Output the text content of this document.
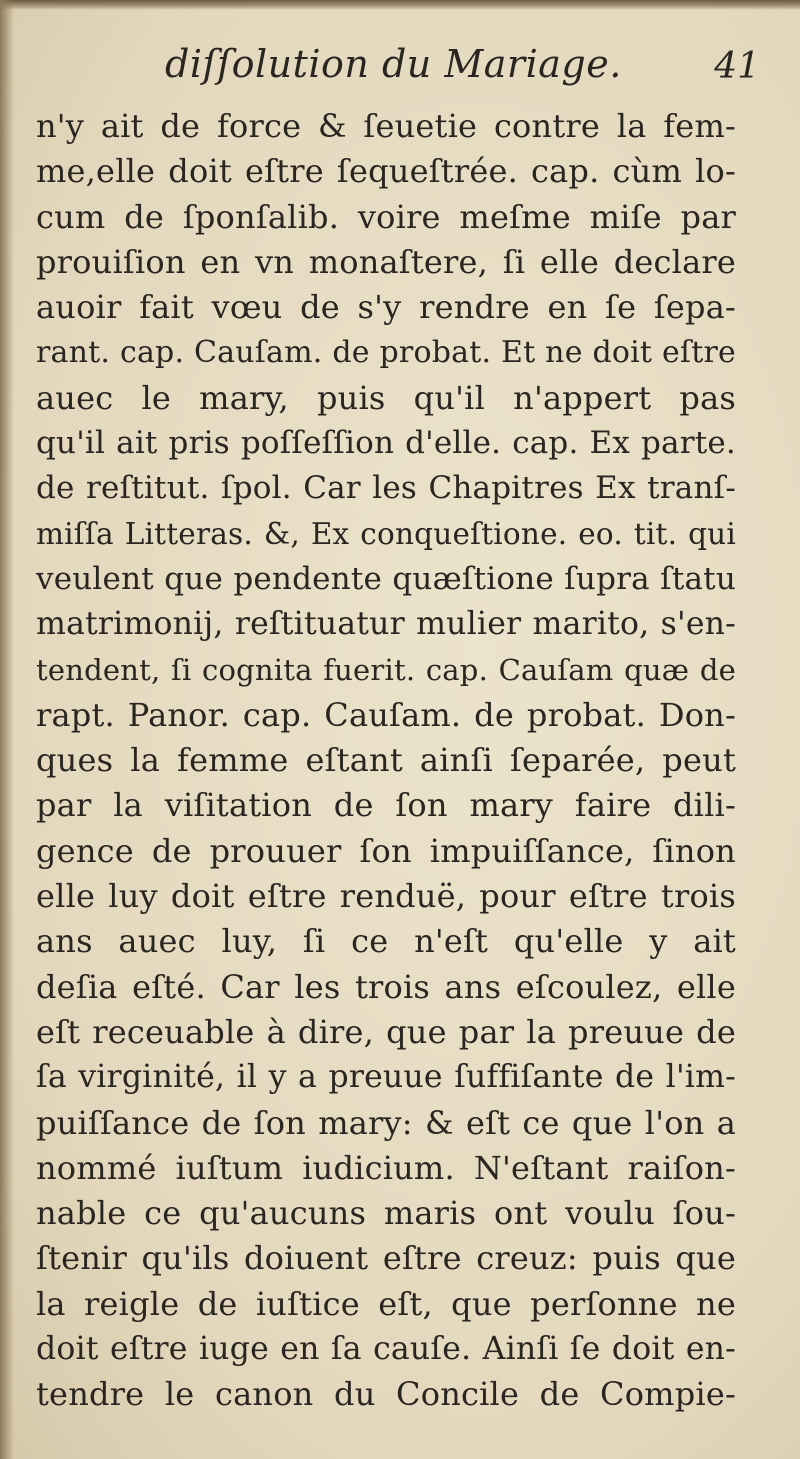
diſſolution du Mariage.	41
n'y ait de force & ſeuetie contre la fem-
me,elle doit eſtre ſequeſtrée. cap. cùm lo-
cum de ſponſalib. voire meſme miſe par
prouiſion en vn monaſtere, ſi elle declare
auoir fait vœu de s'y rendre en ſe ſepa-
rant. cap. Cauſam. de probat. Et ne doit eſtre
auec le mary, puis qu'il n'appert pas
qu'il ait pris poſſeſſion d'elle. cap. Ex parte.
de reſtitut. ſpol. Car les Chapitres Ex tranſ-
miſſa Litteras. &, Ex conqueſtione. eo. tit. qui
veulent que pendente quæſtione ſupra ſtatu
matrimonij, reſtituatur mulier marito, s'en-
tendent, ſi cognita fuerit. cap. Cauſam quæ de
rapt. Panor. cap. Cauſam. de probat. Don-
ques la femme eſtant ainſi ſeparée, peut
par la viſitation de ſon mary faire dili-
gence de prouuer ſon impuiſſance, ſinon
elle luy doit eſtre renduë, pour eſtre trois
ans auec luy, ſi ce n'eſt qu'elle y ait
deſia eſté. Car les trois ans eſcoulez, elle
eſt receuable à dire, que par la preuue de
ſa virginité, il y a preuue ſuffiſante de l'im-
puiſſance de ſon mary: & eſt ce que l'on a
nommé iuſtum iudicium. N'eſtant raiſon-
nable ce qu'aucuns maris ont voulu ſou-
ſtenir qu'ils doiuent eſtre creuz: puis que
la reigle de iuſtice eſt, que perſonne ne
doit eſtre iuge en ſa cauſe. Ainſi ſe doit en-
tendre le canon du Concile de Compie-
